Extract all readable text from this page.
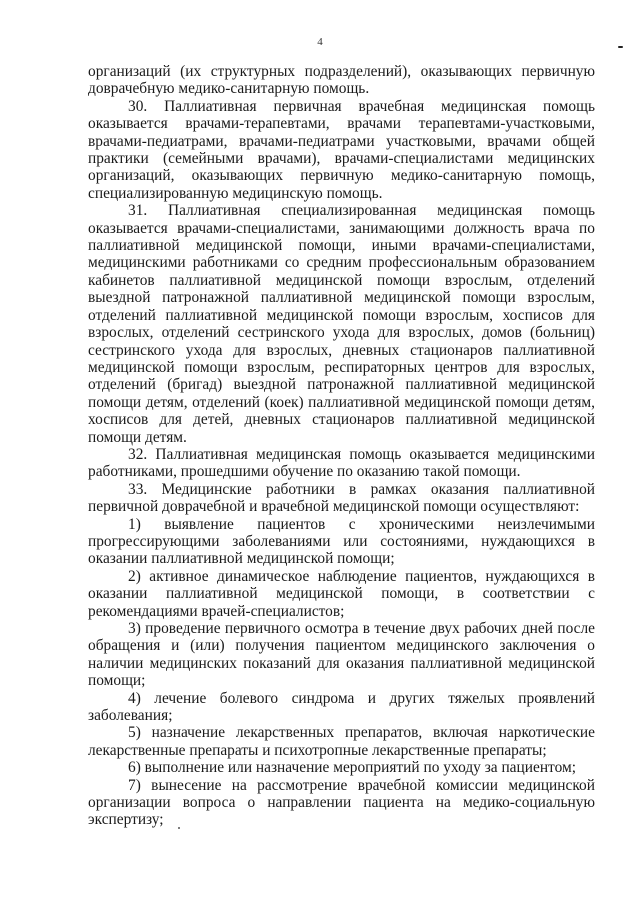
4

организаций (их структурных подразделений), оказывающих первичную доврачебную медико-санитарную помощь.

30. Паллиативная первичная врачебная медицинская помощь оказывается врачами-терапевтами, врачами терапевтами-участковыми, врачами-педиатрами, врачами-педиатрами участковыми, врачами общей практики (семейными врачами), врачами-специалистами медицинских организаций, оказывающих первичную медико-санитарную помощь, специализированную медицинскую помощь.

31. Паллиативная специализированная медицинская помощь оказывается врачами-специалистами, занимающими должность врача по паллиативной медицинской помощи, иными врачами-специалистами, медицинскими работниками со средним профессиональным образованием кабинетов паллиативной медицинской помощи взрослым, отделений выездной патронажной паллиативной медицинской помощи взрослым, отделений паллиативной медицинской помощи взрослым, хосписов для взрослых, отделений сестринского ухода для взрослых, домов (больниц) сестринского ухода для взрослых, дневных стационаров паллиативной медицинской помощи взрослым, респираторных центров для взрослых, отделений (бригад) выездной патронажной паллиативной медицинской помощи детям, отделений (коек) паллиативной медицинской помощи детям, хосписов для детей, дневных стационаров паллиативной медицинской помощи детям.

32. Паллиативная медицинская помощь оказывается медицинскими работниками, прошедшими обучение по оказанию такой помощи.

33. Медицинские работники в рамках оказания паллиативной первичной доврачебной и врачебной медицинской помощи осуществляют:

1) выявление пациентов с хроническими неизлечимыми прогрессирующими заболеваниями или состояниями, нуждающихся в оказании паллиативной медицинской помощи;

2) активное динамическое наблюдение пациентов, нуждающихся в оказании паллиативной медицинской помощи, в соответствии с рекомендациями врачей-специалистов;

3) проведение первичного осмотра в течение двух рабочих дней после обращения и (или) получения пациентом медицинского заключения о наличии медицинских показаний для оказания паллиативной медицинской помощи;

4) лечение болевого синдрома и других тяжелых проявлений заболевания;

5) назначение лекарственных препаратов, включая наркотические лекарственные препараты и психотропные лекарственные препараты;

6) выполнение или назначение мероприятий по уходу за пациентом;

7) вынесение на рассмотрение врачебной комиссии медицинской организации вопроса о направлении пациента на медико-социальную экспертизу;
